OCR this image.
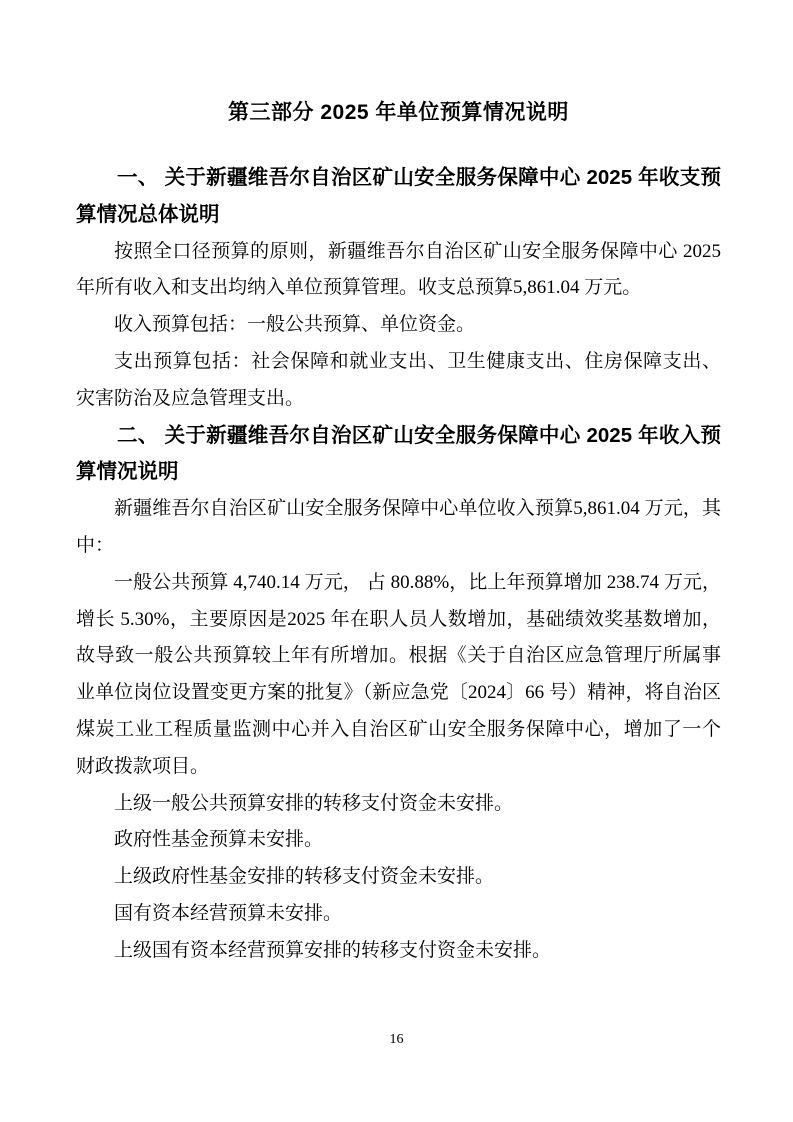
第三部分 2025 年单位预算情况说明

一、 关于新疆维吾尔自治区矿山安全服务保障中心 2025 年收支预算情况总体说明

按照全口径预算的原则，新疆维吾尔自治区矿山安全服务保障中心 2025 年所有收入和支出均纳入单位预算管理。收支总预算5,861.04 万元。

收入预算包括：一般公共预算、单位资金。

支出预算包括：社会保障和就业支出、卫生健康支出、住房保障支出、灾害防治及应急管理支出。

二、 关于新疆维吾尔自治区矿山安全服务保障中心 2025 年收入预算情况说明

新疆维吾尔自治区矿山安全服务保障中心单位收入预算5,861.04 万元，其中：

一般公共预算 4,740.14 万元， 占 80.88%，比上年预算增加 238.74 万元，增长 5.30%，主要原因是2025 年在职人员人数增加，基础绩效奖基数增加，故导致一般公共预算较上年有所增加。根据《关于自治区应急管理厅所属事业单位岗位设置变更方案的批复》（新应急党〔2024〕66 号）精神，将自治区煤炭工业工程质量监测中心并入自治区矿山安全服务保障中心，增加了一个财政拨款项目。

上级一般公共预算安排的转移支付资金未安排。

政府性基金预算未安排。

上级政府性基金安排的转移支付资金未安排。

国有资本经营预算未安排。

上级国有资本经营预算安排的转移支付资金未安排。

16
